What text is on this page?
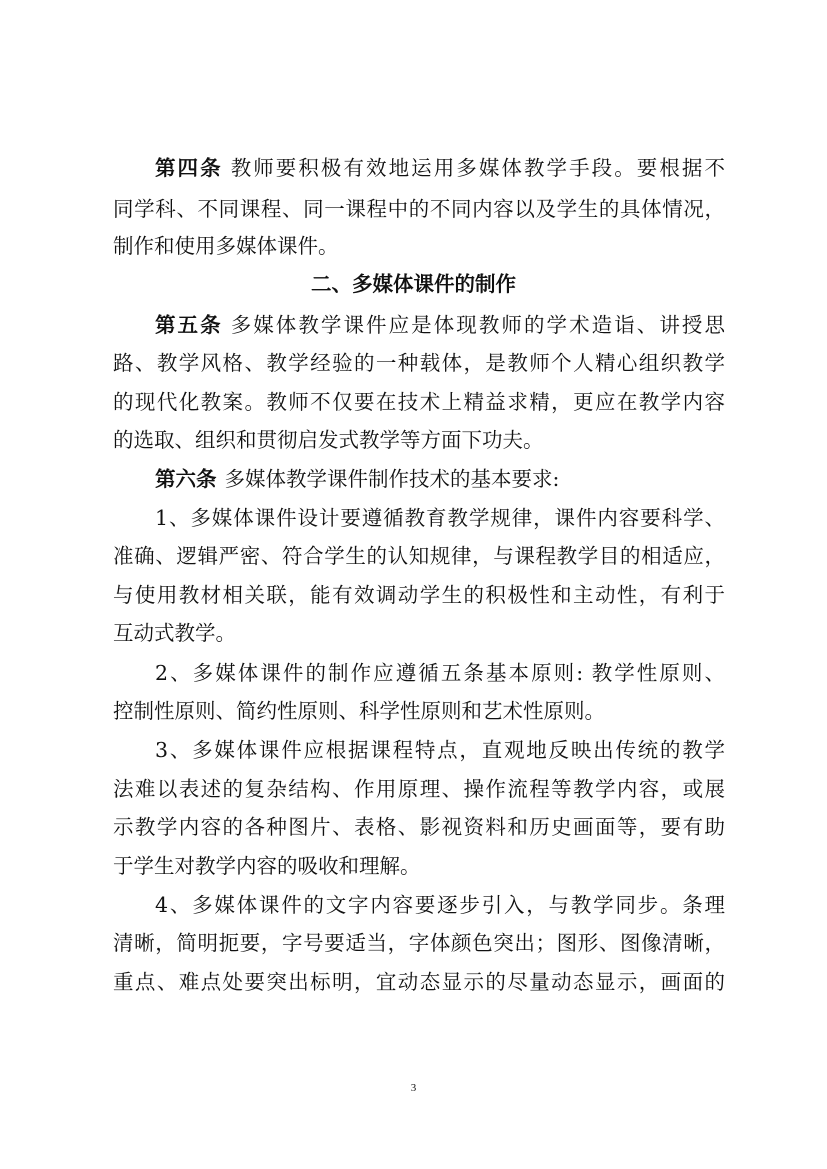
第四条 教师要积极有效地运用多媒体教学手段。要根据不
同学科、不同课程、同一课程中的不同内容以及学生的具体情况，
制作和使用多媒体课件。
二、多媒体课件的制作
第五条 多媒体教学课件应是体现教师的学术造诣、讲授思
路、教学风格、教学经验的一种载体，是教师个人精心组织教学
的现代化教案。教师不仅要在技术上精益求精，更应在教学内容
的选取、组织和贯彻启发式教学等方面下功夫。
第六条 多媒体教学课件制作技术的基本要求:
1、多媒体课件设计要遵循教育教学规律，课件内容要科学、
准确、逻辑严密、符合学生的认知规律，与课程教学目的相适应，
与使用教材相关联，能有效调动学生的积极性和主动性，有利于
互动式教学。
2、多媒体课件的制作应遵循五条基本原则: 教学性原则、
控制性原则、简约性原则、科学性原则和艺术性原则。
3、多媒体课件应根据课程特点，直观地反映出传统的教学
法难以表述的复杂结构、作用原理、操作流程等教学内容，或展
示教学内容的各种图片、表格、影视资料和历史画面等，要有助
于学生对教学内容的吸收和理解。
4、多媒体课件的文字内容要逐步引入，与教学同步。条理
清晰，简明扼要，字号要适当，字体颜色突出；图形、图像清晰，
重点、难点处要突出标明，宜动态显示的尽量动态显示，画面的
3
